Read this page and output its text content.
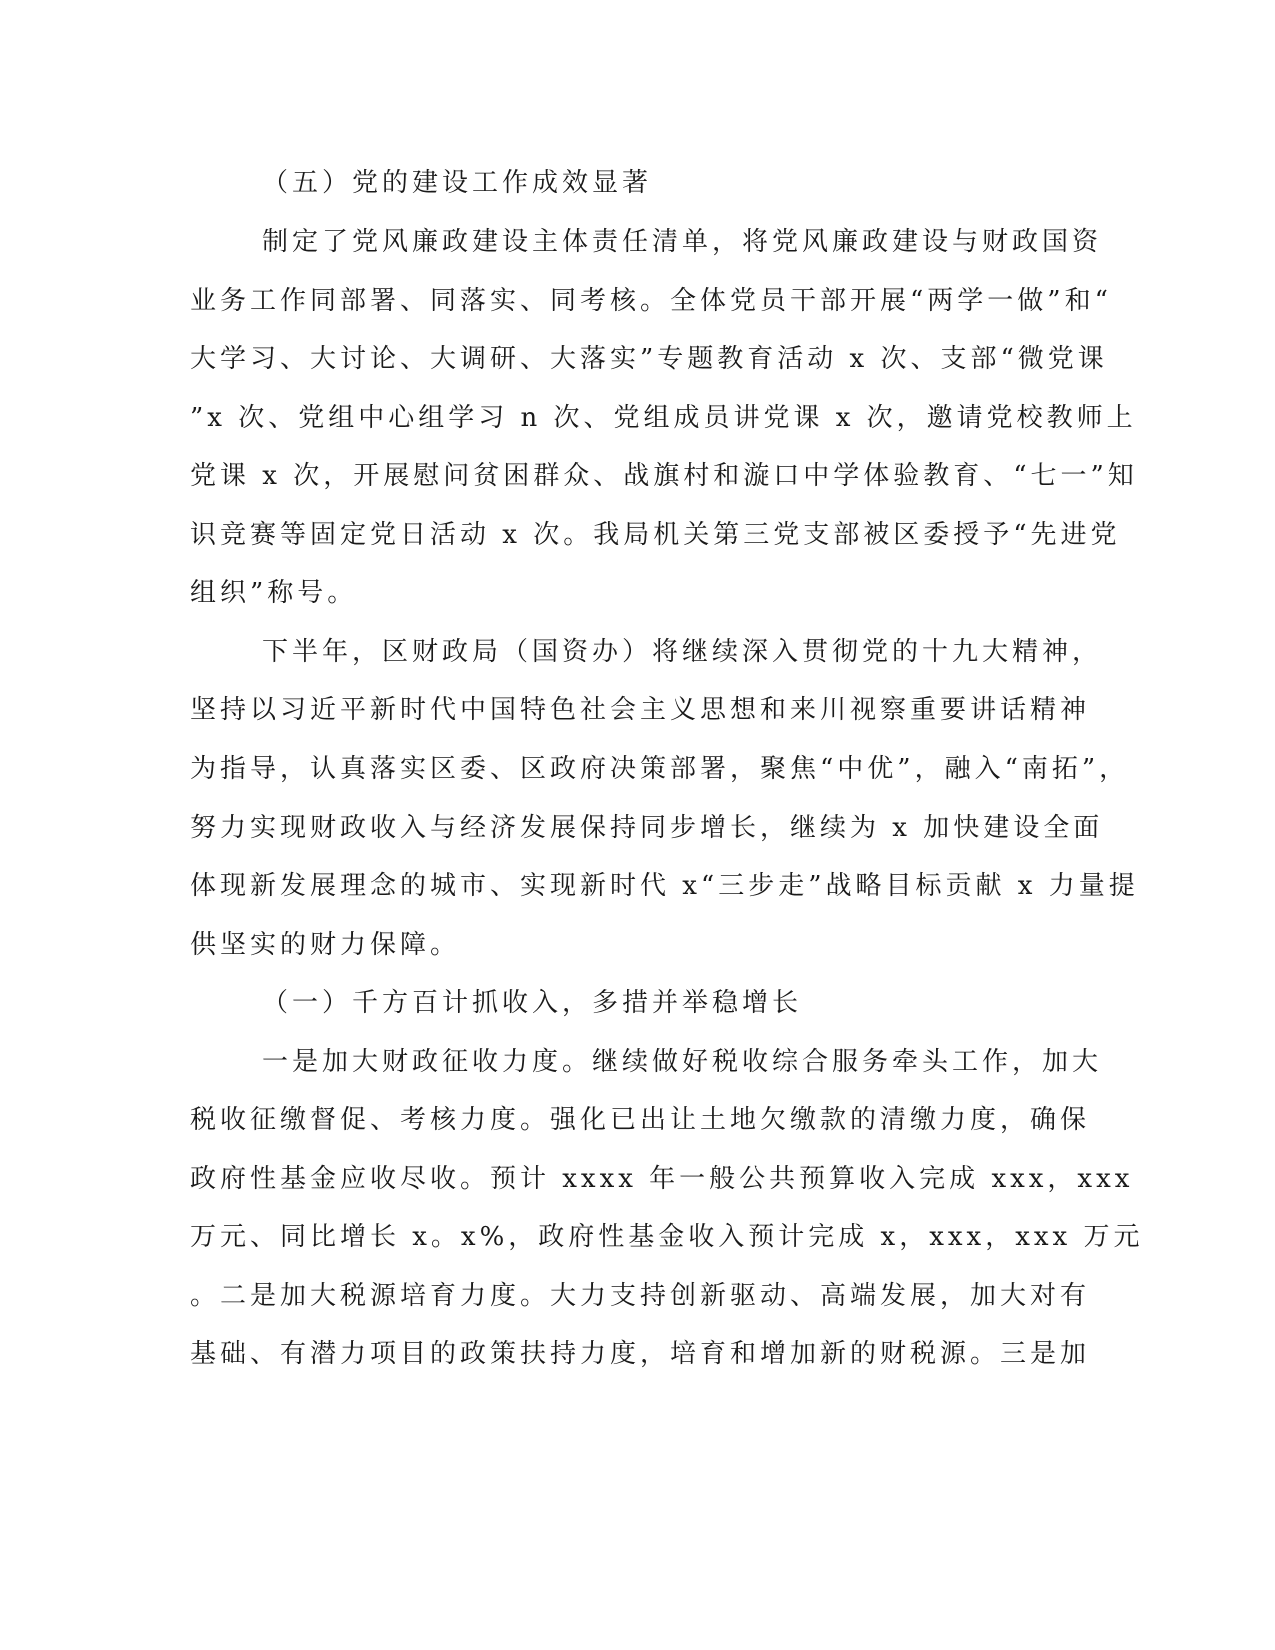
（五）党的建设工作成效显著
制定了党风廉政建设主体责任清单，将党风廉政建设与财政国资
业务工作同部署、同落实、同考核。全体党员干部开展“两学一做”和“
大学习、大讨论、大调研、大落实”专题教育活动 x 次、支部“微党课
”x 次、党组中心组学习 n 次、党组成员讲党课 x 次，邀请党校教师上
党课 x 次，开展慰问贫困群众、战旗村和漩口中学体验教育、“七一”知
识竞赛等固定党日活动 x 次。我局机关第三党支部被区委授予“先进党
组织”称号。
下半年，区财政局（国资办）将继续深入贯彻党的十九大精神，
坚持以习近平新时代中国特色社会主义思想和来川视察重要讲话精神
为指导，认真落实区委、区政府决策部署，聚焦“中优”，融入“南拓”，
努力实现财政收入与经济发展保持同步增长，继续为 x 加快建设全面
体现新发展理念的城市、实现新时代 x“三步走”战略目标贡献 x 力量提
供坚实的财力保障。
（一）千方百计抓收入，多措并举稳增长
一是加大财政征收力度。继续做好税收综合服务牵头工作，加大
税收征缴督促、考核力度。强化已出让土地欠缴款的清缴力度，确保
政府性基金应收尽收。预计 xxxx 年一般公共预算收入完成 xxx，xxx
万元、同比增长 x。x%，政府性基金收入预计完成 x，xxx，xxx 万元
。二是加大税源培育力度。大力支持创新驱动、高端发展，加大对有
基础、有潜力项目的政策扶持力度，培育和增加新的财税源。三是加
